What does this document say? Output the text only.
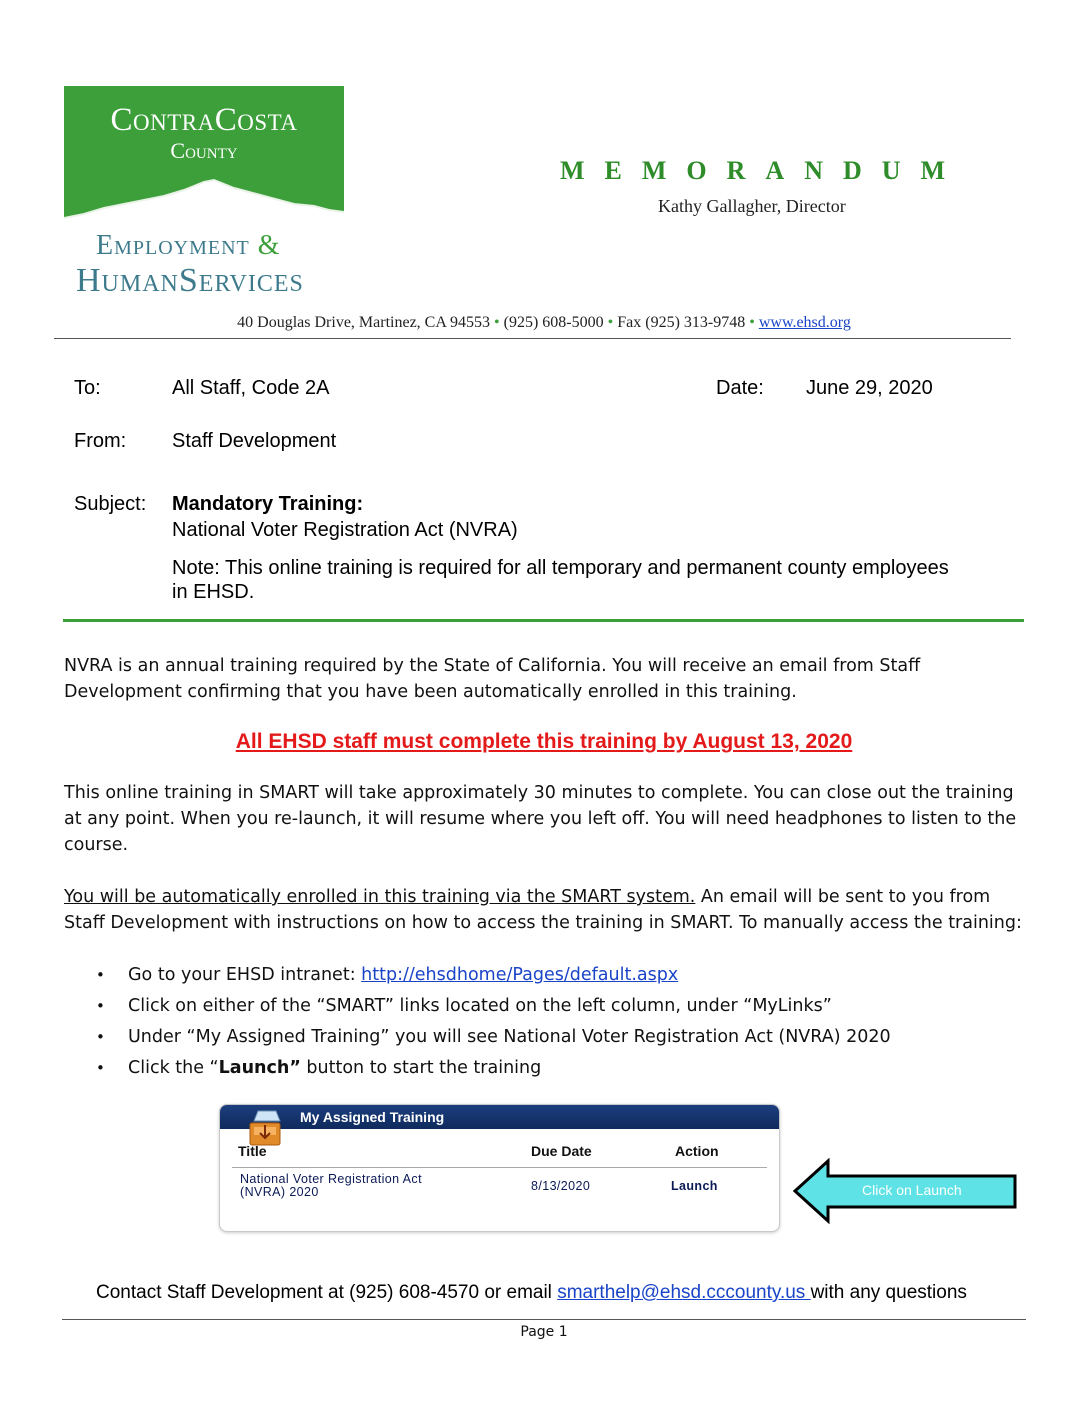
ContraCosta
County
Employment &
HumanServices
MEMORANDUM
Kathy Gallagher, Director
40 Douglas Drive, Martinez, CA 94553 • (925) 608-5000 • Fax (925) 313-9748 • www.ehsd.org
To:	All Staff, Code 2A	Date: June 29, 2020
From: Staff Development
Subject: Mandatory Training:
National Voter Registration Act (NVRA)
Note: This online training is required for all temporary and permanent county employees
in EHSD.
NVRA is an annual training required by the State of California. You will receive an email from Staff
Development confirming that you have been automatically enrolled in this training.
All EHSD staff must complete this training by August 13, 2020
This online training in SMART will take approximately 30 minutes to complete. You can close out the training
at any point. When you re-launch, it will resume where you left off. You will need headphones to listen to the
course.
You will be automatically enrolled in this training via the SMART system. An email will be sent to you from
Staff Development with instructions on how to access the training in SMART. To manually access the training:
• Go to your EHSD intranet: http://ehsdhome/Pages/default.aspx
• Click on either of the “SMART” links located on the left column, under “MyLinks”
• Under “My Assigned Training” you will see National Voter Registration Act (NVRA) 2020
• Click the “Launch” button to start the training
My Assigned Training
Title	Due Date	Action
National Voter Registration Act
(NVRA) 2020	8/13/2020	Launch	Click on Launch
Contact Staff Development at (925) 608-4570 or email smarthelp@ehsd.cccounty.us with any questions
Page 1
